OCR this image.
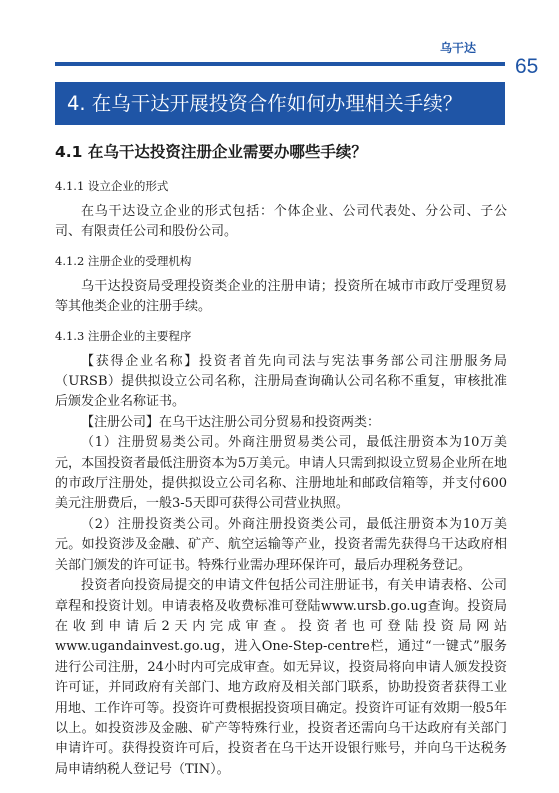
乌干达
65
4. 在乌干达开展投资合作如何办理相关手续？
4.1 在乌干达投资注册企业需要办哪些手续？
4.1.1 设立企业的形式

在乌干达设立企业的形式包括：个体企业、公司代表处、分公司、子公司、有限责任公司和股份公司。

4.1.2 注册企业的受理机构

乌干达投资局受理投资类企业的注册申请；投资所在城市市政厅受理贸易等其他类企业的注册手续。

4.1.3 注册企业的主要程序

【获得企业名称】投资者首先向司法与宪法事务部公司注册服务局（URSB）提供拟设立公司名称，注册局查询确认公司名称不重复，审核批准后颁发企业名称证书。

【注册公司】在乌干达注册公司分贸易和投资两类：

（1）注册贸易类公司。外商注册贸易类公司，最低注册资本为10万美元，本国投资者最低注册资本为5万美元。申请人只需到拟设立贸易企业所在地的市政厅注册处，提供拟设立公司名称、注册地址和邮政信箱等，并支付600美元注册费后，一般3-5天即可获得公司营业执照。

（2）注册投资类公司。外商注册投资类公司，最低注册资本为10万美元。如投资涉及金融、矿产、航空运输等产业，投资者需先获得乌干达政府相关部门颁发的许可证书。特殊行业需办理环保许可，最后办理税务登记。

投资者向投资局提交的申请文件包括公司注册证书，有关申请表格、公司章程和投资计划。申请表格及收费标准可登陆www.ursb.go.ug查询。投资局在收到申请后2天内完成审查。投资者也可登陆投资局网站www.ugandainvest.go.ug，进入One-Step-centre栏，通过“一键式”服务进行公司注册，24小时内可完成审查。如无异议，投资局将向申请人颁发投资许可证，并同政府有关部门、地方政府及相关部门联系，协助投资者获得工业用地、工作许可等。投资许可费根据投资项目确定。投资许可证有效期一般5年以上。如投资涉及金融、矿产等特殊行业，投资者还需向乌干达政府有关部门申请许可。获得投资许可后，投资者在乌干达开设银行账号，并向乌干达税务局申请纳税人登记号（TIN）。
